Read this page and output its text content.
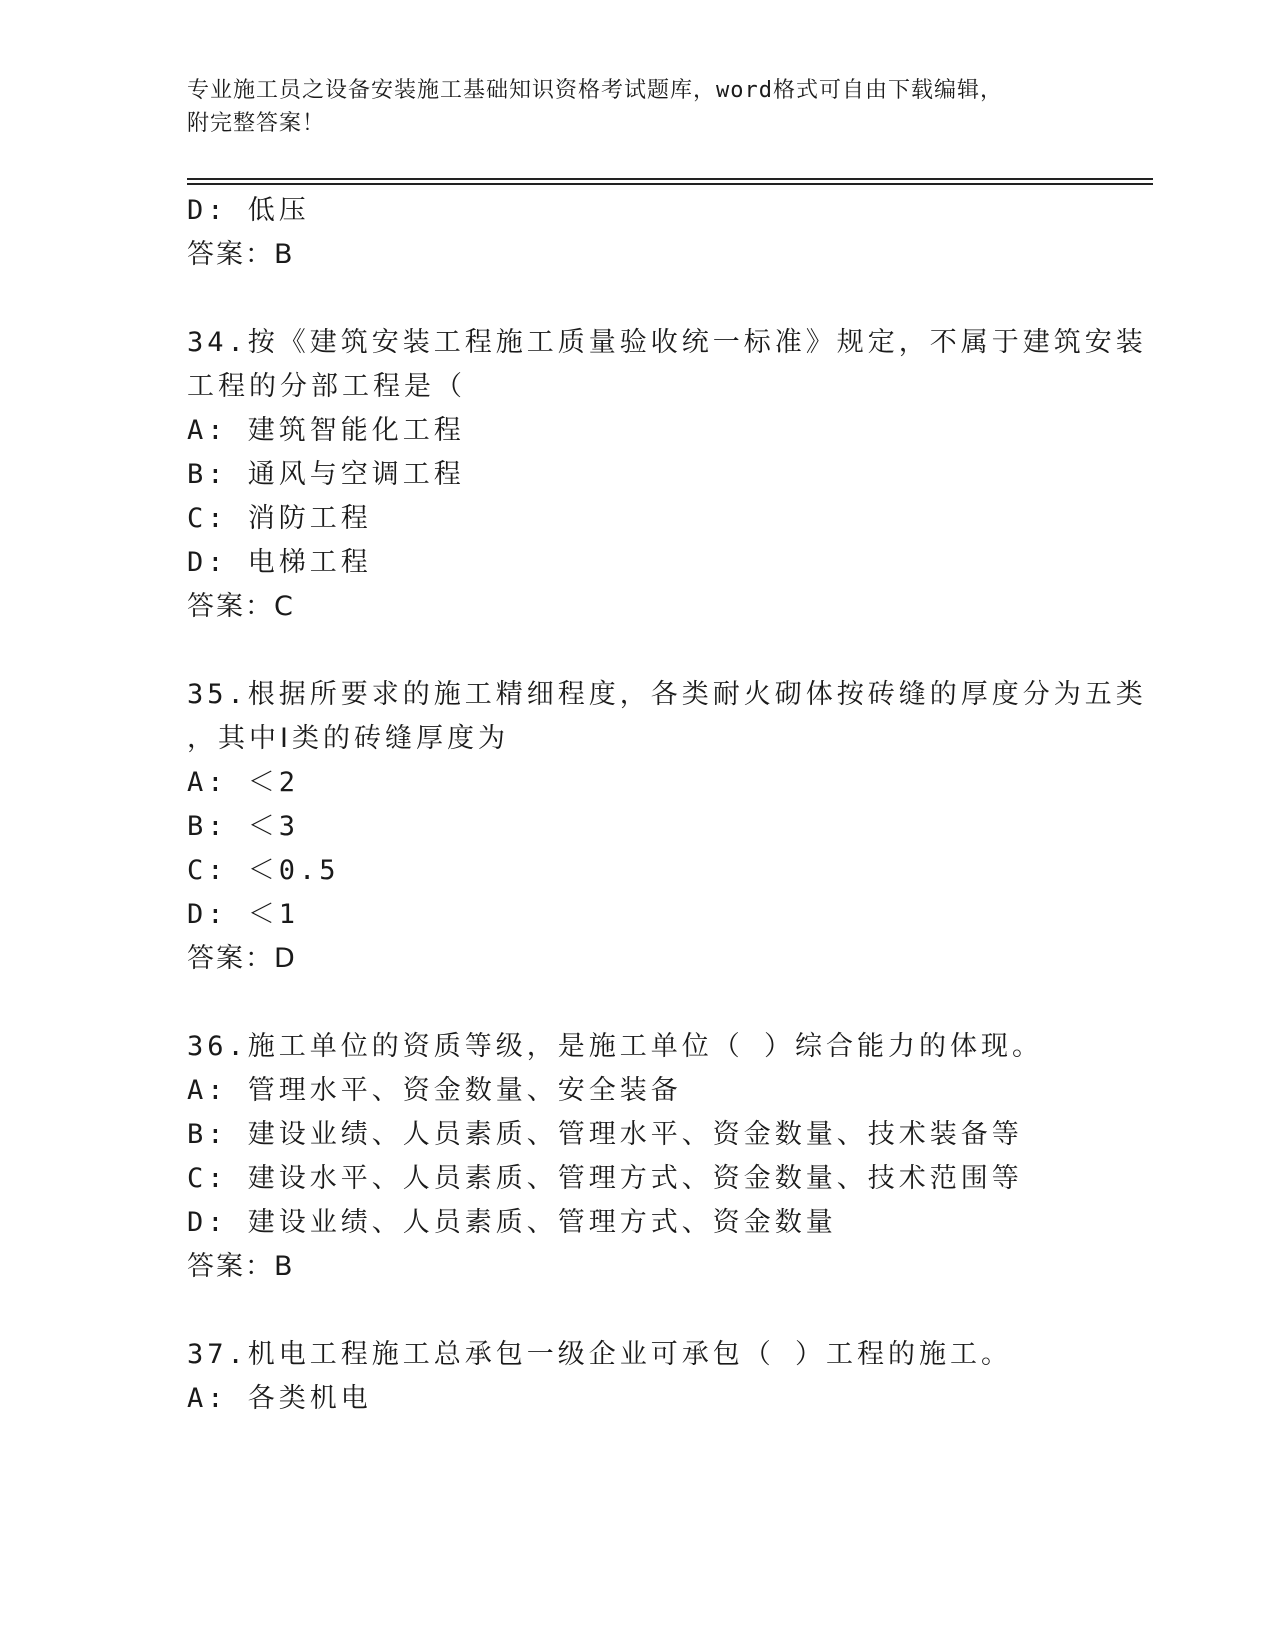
专业施工员之设备安装施工基础知识资格考试题库，word格式可自由下载编辑，
附完整答案！
D: 低压
答案：B
34.按《建筑安装工程施工质量验收统一标准》规定，不属于建筑安装
工程的分部工程是（
A: 建筑智能化工程
B: 通风与空调工程
C: 消防工程
D: 电梯工程
答案：C
35.根据所要求的施工精细程度，各类耐火砌体按砖缝的厚度分为五类
，其中Ⅰ类的砖缝厚度为
A: ＜2
B: ＜3
C: ＜0.5
D: ＜1
答案：D
36.施工单位的资质等级，是施工单位（ ）综合能力的体现。
A: 管理水平、资金数量、安全装备
B: 建设业绩、人员素质、管理水平、资金数量、技术装备等
C: 建设水平、人员素质、管理方式、资金数量、技术范围等
D: 建设业绩、人员素质、管理方式、资金数量
答案：B
37.机电工程施工总承包一级企业可承包（ ）工程的施工。
A: 各类机电
